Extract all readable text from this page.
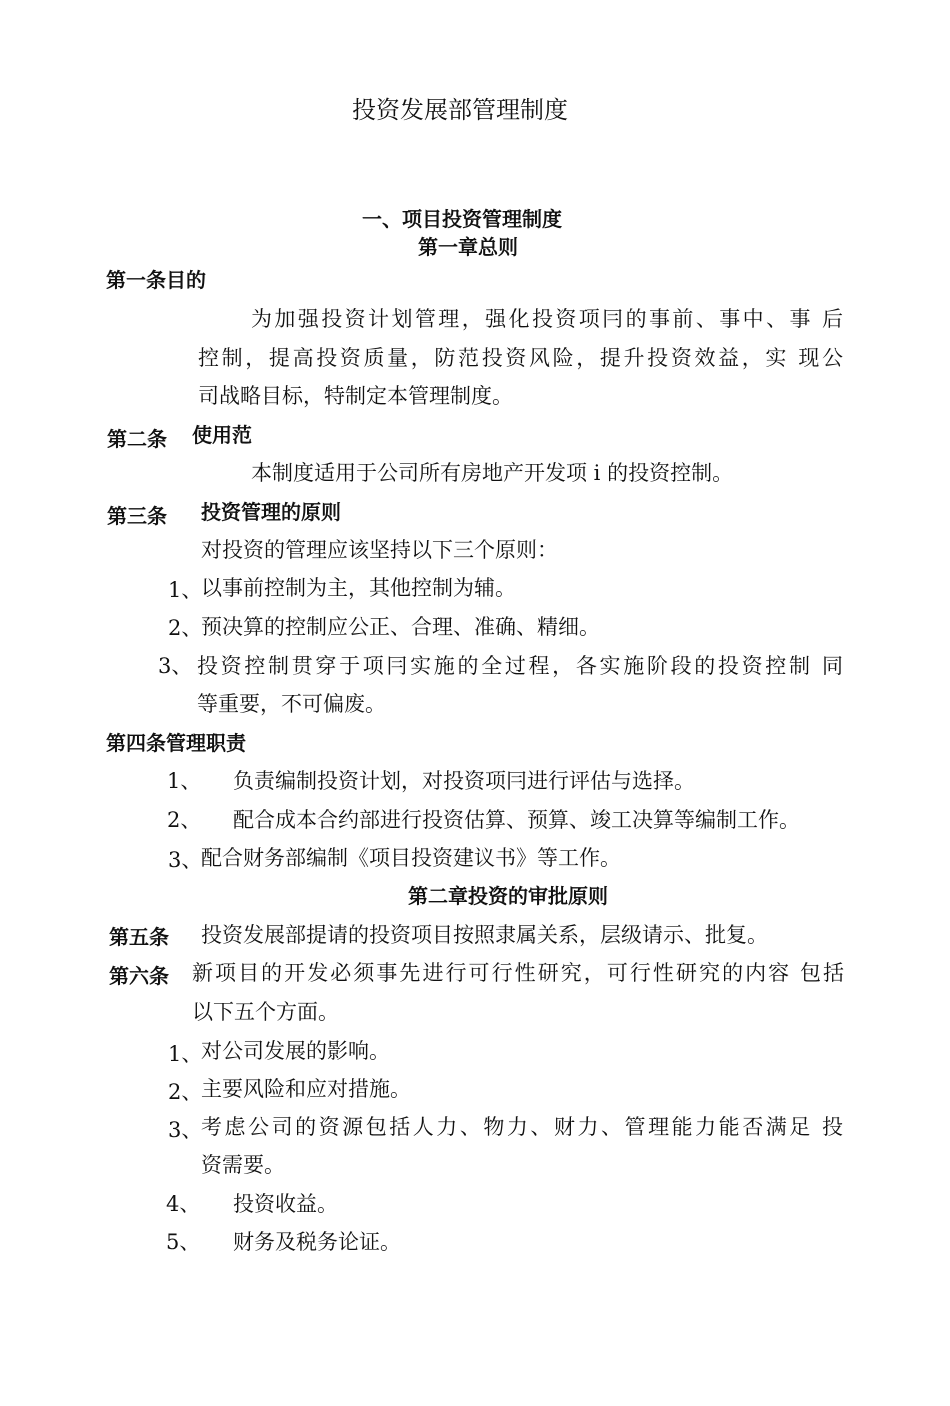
投资发展部管理制度
一、项目投资管理制度
第一章总则
第一条目的
为加强投资计划管理，强化投资项冃的事前、事中、事 后
控制，提高投资质量，防范投资风险，提升投资效益，实 现公
司战略目标，特制定本管理制度。
第二条 使用范
本制度适用于公司所有房地产开发项 i 的投资控制。
第三条 投资管理的原则
对投资的管理应该坚持以下三个原则：
1、
以事前控制为主，其他控制为辅。
2、
预决算的控制应公正、合理、准确、精细。
3、 投资控制贯穿于项冃实施的全过程，各实施阶段的投资控制 同
等重要，不可偏废。
第四条管理职责
1、 负责编制投资计划，对投资项冃进行评估与选择。
2、 配合成本合约部进行投资估算、预算、竣工决算等编制工作。
3、
配合财务部编制《项目投资建议书》等工作。
第二章投资的审批原则
第五条 投资发展部提请的投资项目按照隶属关系，层级请示、批复。
第六条 新项目的开发必须事先进行可行性研究，可行性研究的内容 包括
以下五个方面。
1、
对公司发展的影响。
2、
主要风险和应对措施。
3、
考虑公司的资源包括人力、物力、财力、管理能力能否满足 投
资需要。
4、 投资收益。
5、 财务及税务论证。
